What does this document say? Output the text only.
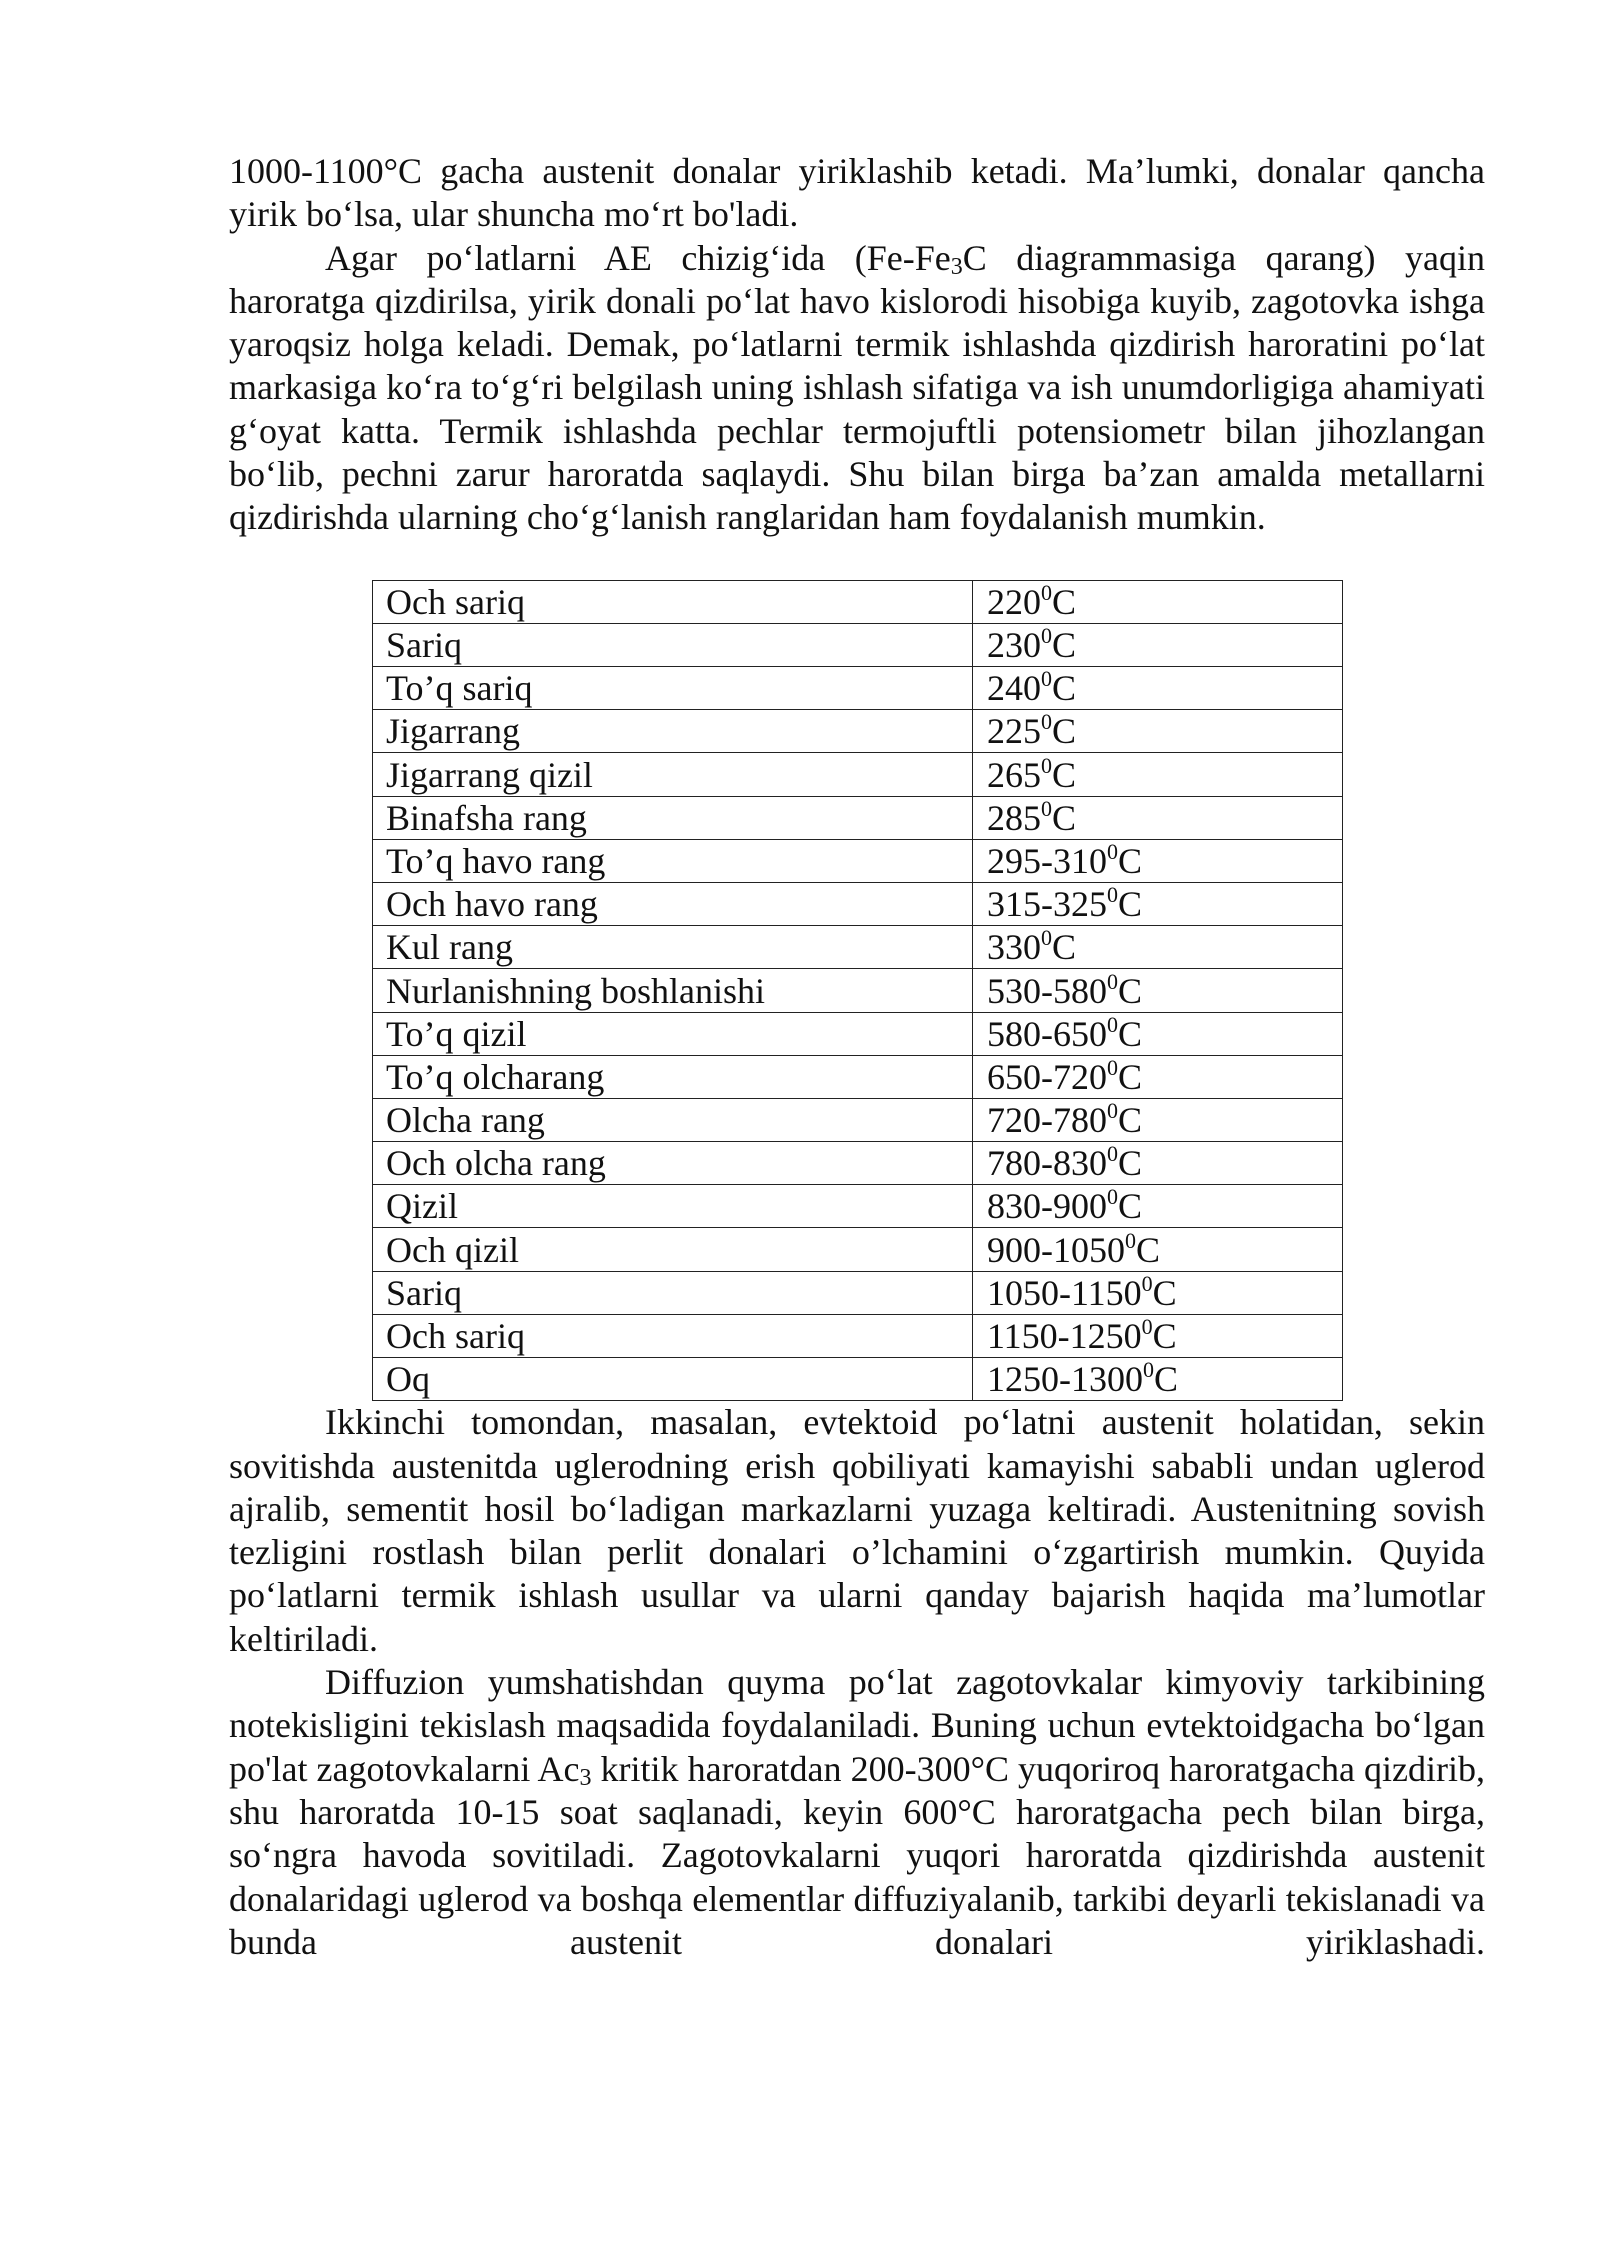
1000-1100°C gacha austenit donalar yiriklashib ketadi. Ma’lumki, donalar qancha yirik bo‘lsa, ular shuncha mo‘rt bo'ladi.

Agar po‘latlarni AE chizig‘ida ($Fe-Fe_3C$ diagrammasiga qarang) yaqin haroratga qizdirilsa, yirik donali po‘lat havo kislorodi hisobiga kuyib, zagotovka ishga yaroqsiz holga keladi. Demak, po‘latlarni termik ishlashda qizdirish haroratini po‘lat markasiga ko‘ra to‘g‘ri belgilash uning ishlash sifatiga va ish unumdorligiga ahamiyati g‘oyat katta. Termik ishlashda pechlar termojuftli potensiometr bilan jihozlangan bo‘lib, pechni zarur haroratda saqlaydi. Shu bilan birga ba’zan amalda metallarni qizdirishda ularning cho‘g‘lanish ranglaridan ham foydalanish mumkin.

Och sariq	$220^0C$
Sariq	$230^0C$
To’q sariq	$240^0C$
Jigarrang	$225^0C$
Jigarrang qizil	$265^0C$
Binafsha rang	$285^0C$
To’q havo rang	$295-310^0C$
Och havo rang	$315-325^0C$
Kul rang	$330^0C$
Nurlanishning boshlanishi	$530-580^0C$
To’q qizil	$580-650^0C$
To’q olcharang	$650-720^0C$
Olcha rang	$720-780^0C$
Och olcha rang	$780-830^0C$
Qizil	$830-900^0C$
Och qizil	900-1050$^0$C
Sariq	1050-1150$^0$C
Och sariq	1150-1250$^0$C
Oq	1250-1300$^0$C

Ikkinchi tomondan, masalan, evtektoid po‘latni austenit holatidan, sekin sovitishda austenitda uglerodning erish qobiliyati kamayishi sababli undan uglerod ajralib, sementit hosil bo‘ladigan markazlarni yuzaga keltiradi. Austenitning sovish tezligini rostlash bilan perlit donalari o’lchamini o‘zgartirish mumkin. Quyida po‘latlarni termik ishlash usullar va ularni qanday bajarish haqida ma’lumotlar keltiriladi.

Diffuzion yumshatishdan quyma po‘lat zagotovkalar kimyoviy tarkibining notekisligini tekislash maqsadida foydalaniladi. Buning uchun evtektoidgacha bo‘lgan po'lat zagotovkalarni $Ac_3$ kritik haroratdan 200-300°C yuqoriroq haroratgacha qizdirib, shu haroratda 10-15 soat saqlanadi, keyin 600°C haroratgacha pech bilan birga, so‘ngra havoda sovitiladi. Zagotovkalarni yuqori haroratda qizdirishda austenit donalaridagi uglerod va boshqa elementlar diffuziyalanib, tarkibi deyarli tekislanadi va bunda austenit donalari yiriklashadi.
